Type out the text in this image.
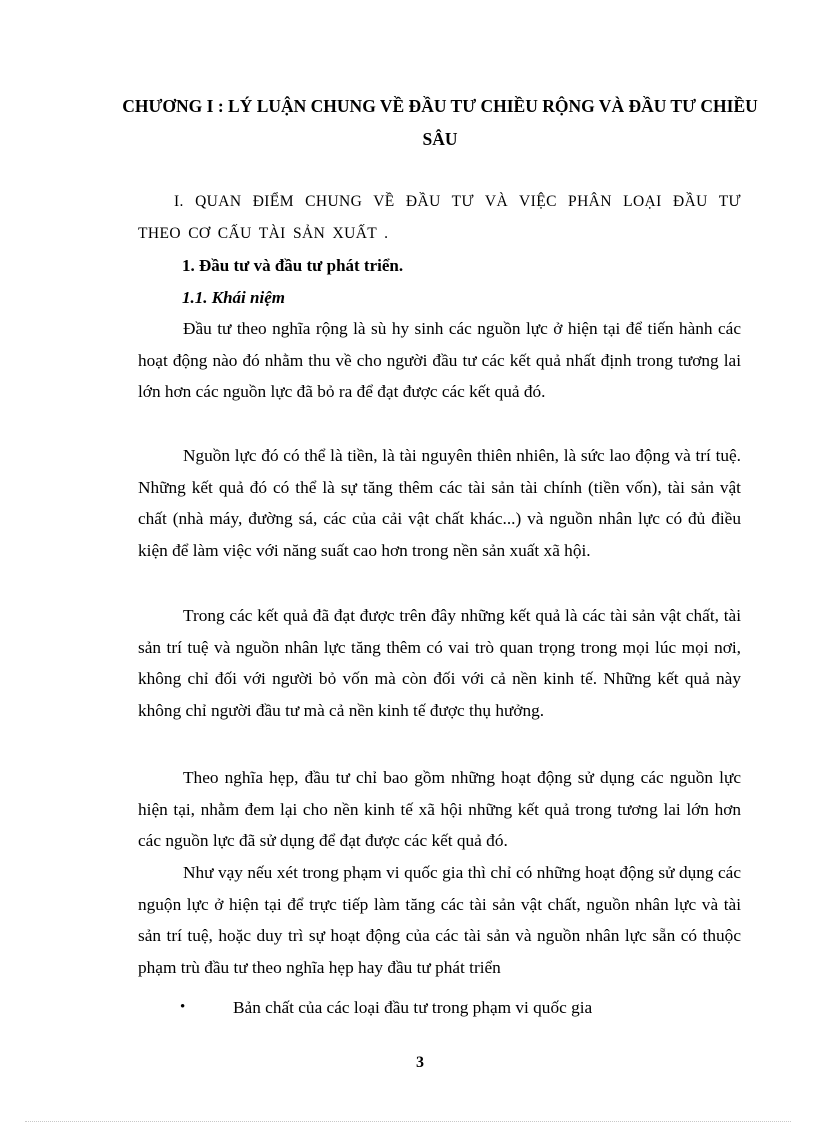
CHƯƠNG I : LÝ LUẬN CHUNG VỀ ĐẦU TƯ CHIỀU RỘNG VÀ ĐẦU TƯ CHIỀU SÂU

I. QUAN ĐIỂM CHUNG VỀ ĐẦU TƯ VÀ VIỆC PHÂN LOẠI ĐẦU TƯ THEO CƠ CẤU TÀI SẢN XUẤT .

1. Đầu tư và đầu tư phát triển.

1.1. Khái niệm

Đầu tư theo nghĩa rộng là sù hy sinh các nguồn lực ở hiện tại để tiến hành các hoạt động nào đó nhằm thu về cho người đầu tư các kết quả nhất định trong tương lai lớn hơn các nguồn lực đã bỏ ra để đạt được các kết quả đó.

Nguồn lực đó có thể là tiền, là tài nguyên thiên nhiên, là sức lao động và trí tuệ. Những kết quả đó có thể là sự tăng thêm các tài sản tài chính (tiền vốn), tài sản vật chất (nhà máy, đường sá, các của cải vật chất khác...) và nguồn nhân lực có đủ điều kiện để làm việc với năng suất cao hơn trong nền sản xuất xã hội.

Trong các kết quả đã đạt được trên đây những kết quả là các tài sản vật chất, tài sản trí tuệ và nguồn nhân lực tăng thêm có vai trò quan trọng trong mọi lúc mọi nơi, không chỉ đối với người bỏ vốn mà còn đối với cả nền kinh tế. Những kết quả này không chỉ người đầu tư mà cả nền kinh tế được thụ hưởng.

Theo nghĩa hẹp, đầu tư chỉ bao gồm những hoạt động sử dụng các nguồn lực hiện tại, nhằm đem lại cho nền kinh tế xã hội những kết quả trong tương lai lớn hơn các nguồn lực đã sử dụng để đạt được các kết quả đó.

Như vạy nếu xét trong phạm vi quốc gia thì chỉ có những hoạt động sử dụng các nguộn lực ở hiện tại để trực tiếp làm tăng các tài sản vật chất, nguồn nhân lực và tài sản trí tuệ, hoặc duy trì sự hoạt động của các tài sản và nguồn nhân lực sẵn có thuộc phạm trù đầu tư theo nghĩa hẹp hay đầu tư phát triển

•	Bản chất của các loại đầu tư trong phạm vi quốc gia

3
